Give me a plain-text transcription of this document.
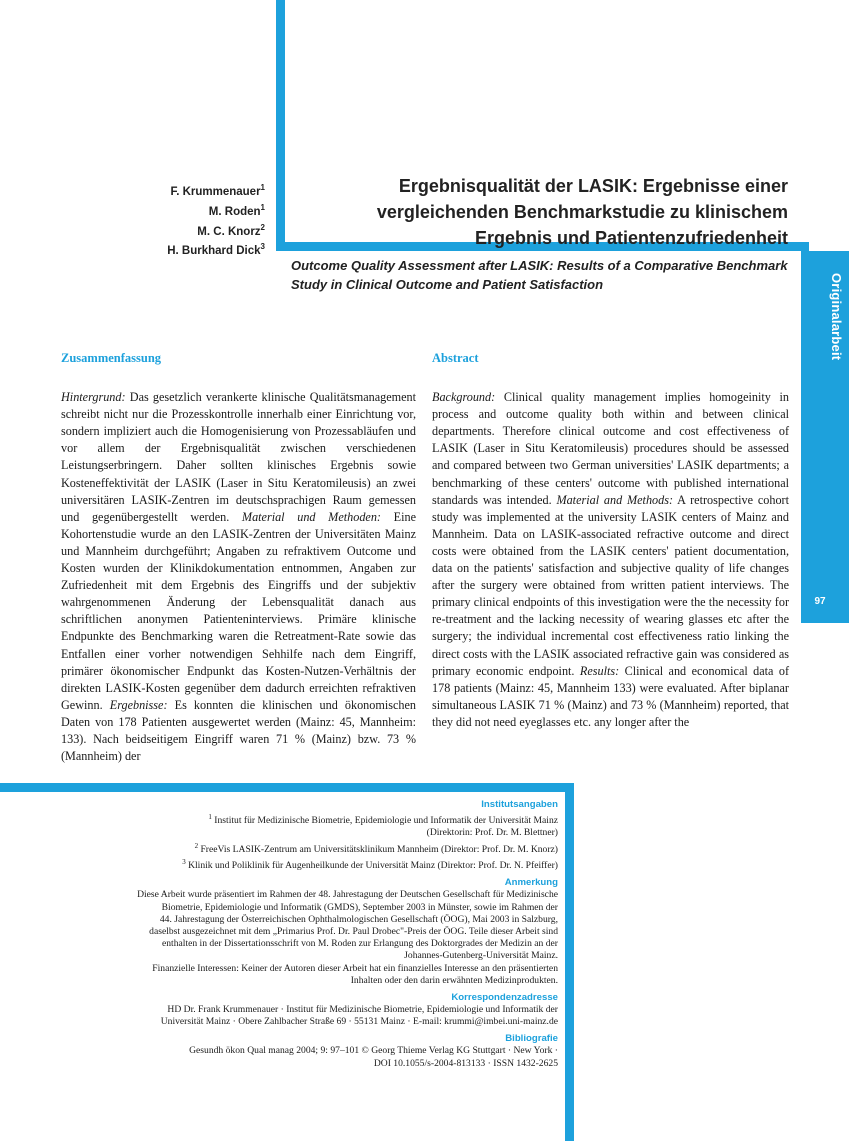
Originalarbeit
97
F. Krummenauer$^1$
M. Roden$^1$
M. C. Knorz$^2$
H. Burkhard Dick$^3$
Ergebnisqualität der LASIK: Ergebnisse einer
vergleichenden Benchmarkstudie zu klinischem
Ergebnis und Patientenzufriedenheit
Outcome Quality Assessment after LASIK: Results of a Comparative Benchmark
Study in Clinical Outcome and Patient Satisfaction
Zusammenfassung

Hintergrund: Das gesetzlich verankerte klinische Qualitätsmanagement schreibt nicht nur die Prozesskontrolle innerhalb einer Einrichtung vor, sondern impliziert auch die Homogenisierung von Prozessabläufen und vor allem der Ergebnisqualität zwischen verschiedenen Leistungserbringern. Daher sollten klinisches Ergebnis sowie Kosteneffektivität der LASIK (Laser in Situ Keratomileusis) an zwei universitären LASIK-Zentren im deutschsprachigen Raum gemessen und gegenübergestellt werden. Material und Methoden: Eine Kohortenstudie wurde an den LASIK-Zentren der Universitäten Mainz und Mannheim durchgeführt; Angaben zu refraktivem Outcome und Kosten wurden der Klinikdokumentation entnommen, Angaben zur Zufriedenheit mit dem Ergebnis des Eingriffs und der subjektiv wahrgenommenen Änderung der Lebensqualität danach aus schriftlichen anonymen Patienteninterviews. Primäre klinische Endpunkte des Benchmarking waren die Retreatment-Rate sowie das Entfallen einer vorher notwendigen Sehhilfe nach dem Eingriff, primärer ökonomischer Endpunkt das Kosten-Nutzen-Verhältnis der direkten LASIK-Kosten gegenüber dem dadurch erreichten refraktiven Gewinn. Ergebnisse: Es konnten die klinischen und ökonomischen Daten von 178 Patienten ausgewertet werden (Mainz: 45, Mannheim: 133). Nach beidseitigem Eingriff waren 71 % (Mainz) bzw. 73 % (Mannheim) der

Abstract

Background: Clinical quality management implies homogeinity in process and outcome quality both within and between clinical departments. Therefore clinical outcome and cost effectiveness of LASIK (Laser in Situ Keratomileusis) procedures should be assessed and compared between two German universities' LASIK departments; a benchmarking of these centers' outcome with published international standards was intended. Material and Methods: A retrospective cohort study was implemented at the university LASIK centers of Mainz and Mannheim. Data on LASIK-associated refractive outcome and direct costs were obtained from the LASIK centers' patient documentation, data on the patients' satisfaction and subjective quality of life changes after the surgery were obtained from written patient interviews. The primary clinical endpoints of this investigation were the the necessity for re-treatment and the lacking necessity of wearing glasses etc after the surgery; the individual incremental cost effectiveness ratio linking the direct costs with the LASIK associated refractive gain was considered as primary economic endpoint. Results: Clinical and economical data of 178 patients (Mainz: 45, Mannheim 133) were evaluated. After biplanar simultaneous LASIK 71 % (Mainz) and 73 % (Mannheim) reported, that they did not need eyeglasses etc. any longer after the

Institutsangaben

$^1$ Institut für Medizinische Biometrie, Epidemiologie und Informatik der Universität Mainz

(Direktorin: Prof. Dr. M. Blettner)

$^2$ FreeVis LASIK-Zentrum am Universitätsklinikum Mannheim (Direktor: Prof. Dr. M. Knorz)

$^3$ Klinik und Poliklinik für Augenheilkunde der Universität Mainz (Direktor: Prof. Dr. N. Pfeiffer)

Anmerkung

Diese Arbeit wurde präsentiert im Rahmen der 48. Jahrestagung der Deutschen Gesellschaft für Medizinische

Biometrie, Epidemiologie und Informatik (GMDS), September 2003 in Münster, sowie im Rahmen der

44. Jahrestagung der Österreichischen Ophthalmologischen Gesellschaft (ÖOG), Mai 2003 in Salzburg,

daselbst ausgezeichnet mit dem „Primarius Prof. Dr. Paul Drobec"-Preis der ÖOG. Teile dieser Arbeit sind

enthalten in der Dissertationsschrift von M. Roden zur Erlangung des Doktorgrades der Medizin an der

Johannes-Gutenberg-Universität Mainz.

Finanzielle Interessen: Keiner der Autoren dieser Arbeit hat ein finanzielles Interesse an den präsentierten

Inhalten oder den darin erwähnten Medizinprodukten.

Korrespondenzadresse

HD Dr. Frank Krummenauer · Institut für Medizinische Biometrie, Epidemiologie und Informatik der

Universität Mainz · Obere Zahlbacher Straße 69 · 55131 Mainz · E-mail: krummi@imbei.uni-mainz.de

Bibliografie

Gesundh ökon Qual manag 2004; 9: 97–101 © Georg Thieme Verlag KG Stuttgart · New York ·

DOI 10.1055/s-2004-813133 · ISSN 1432-2625
